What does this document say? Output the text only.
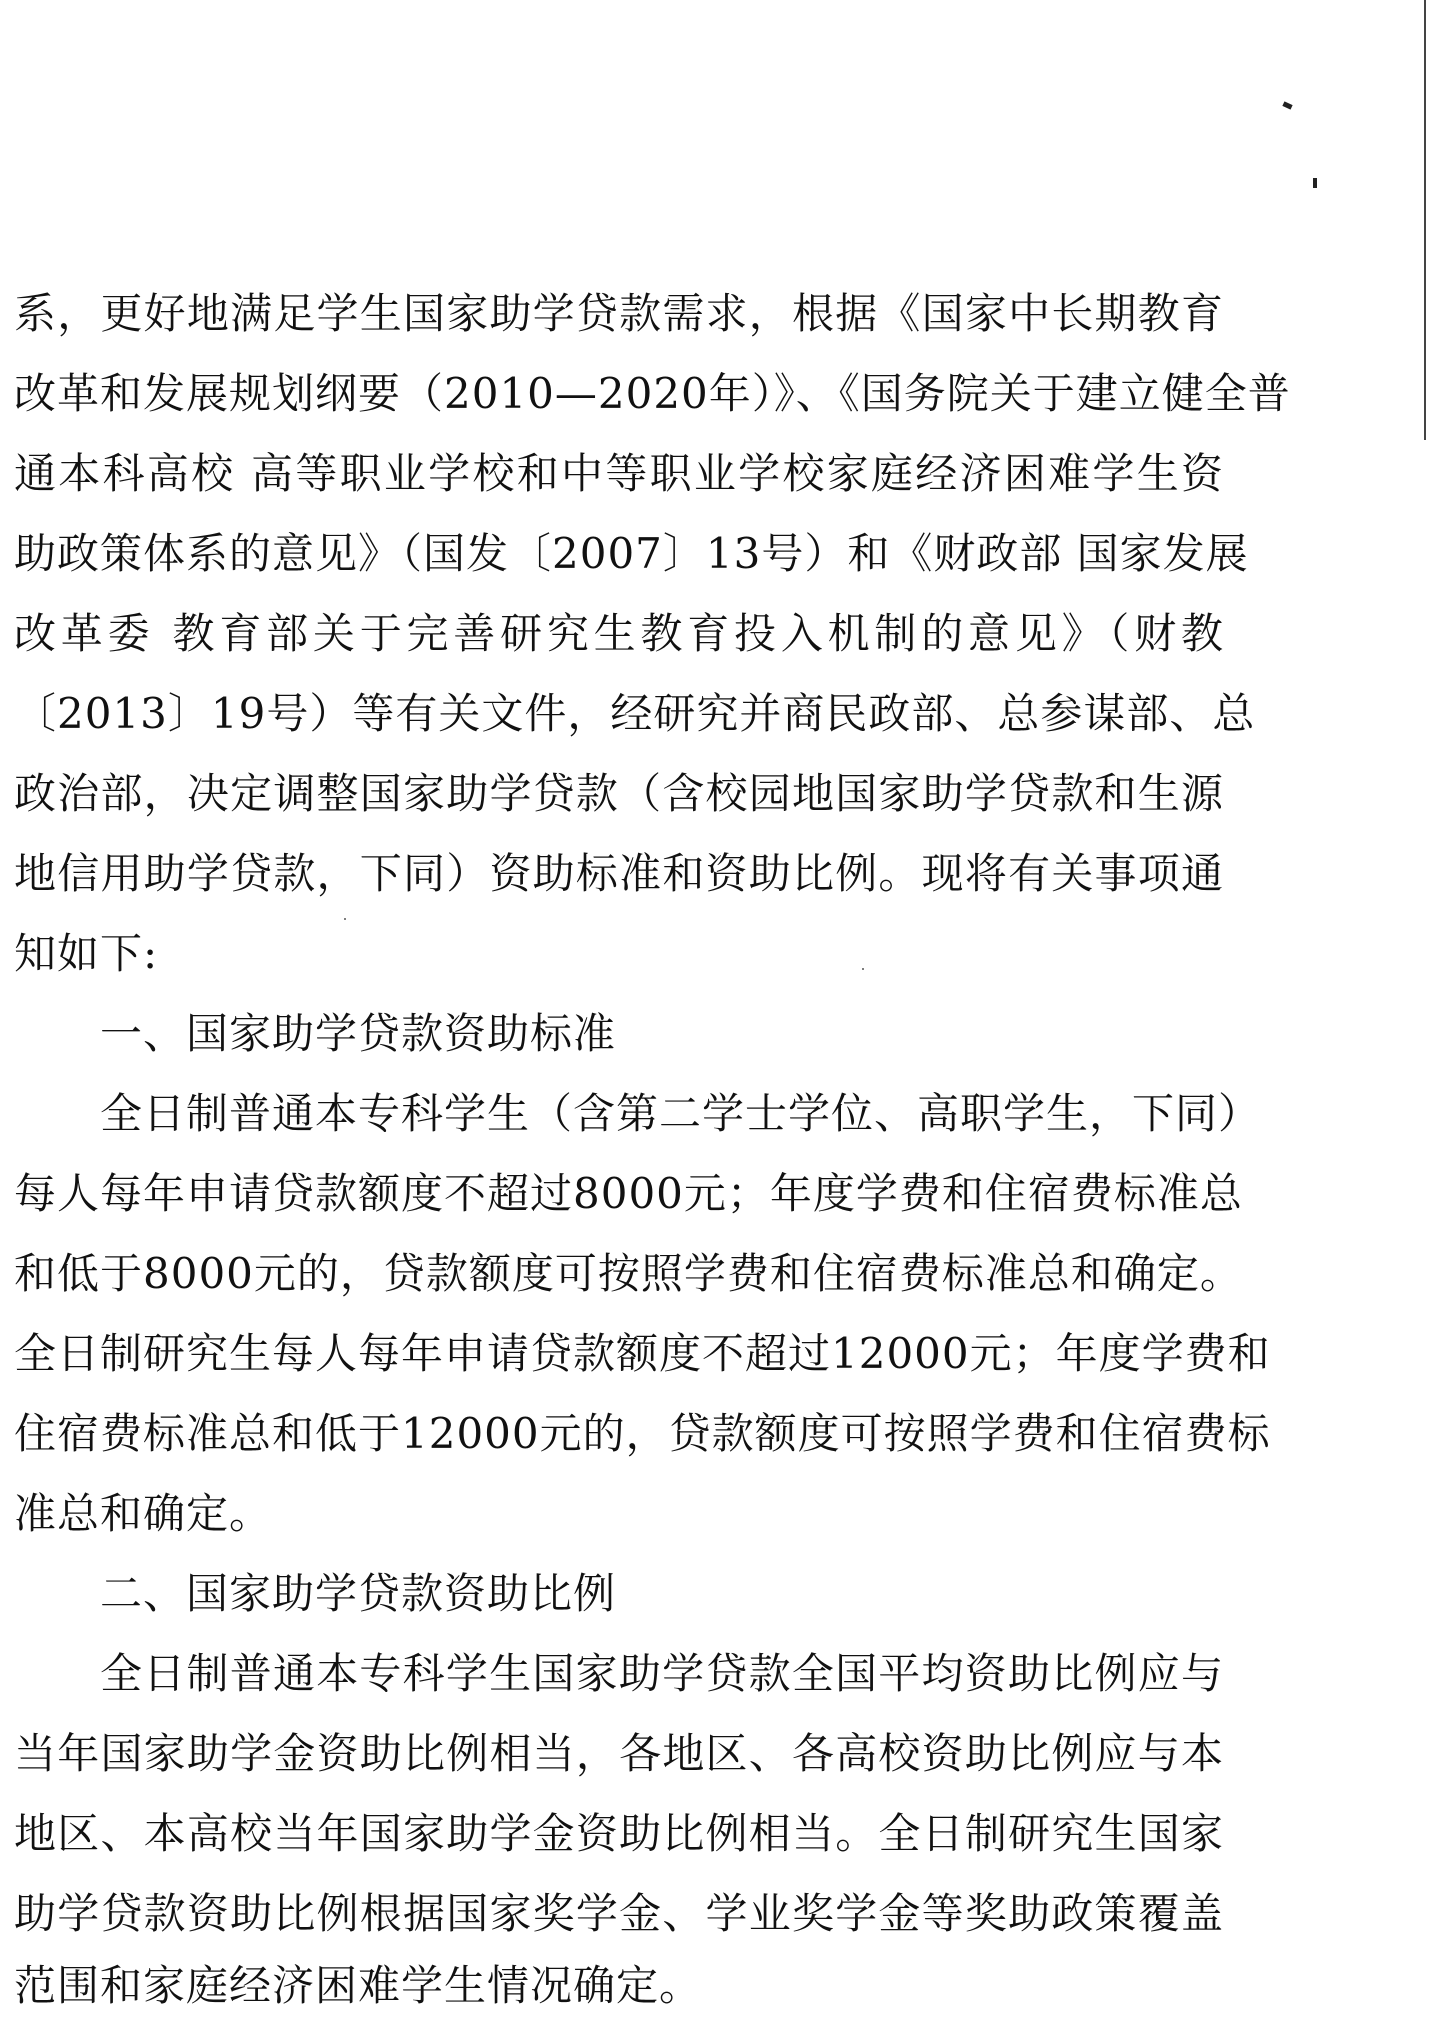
系，更好地满足学生国家助学贷款需求，根据《国家中长期教育
改革和发展规划纲要（2010—2020年）》、《国务院关于建立健全普
通本科高校 高等职业学校和中等职业学校家庭经济困难学生资
助政策体系的意见》（国发〔2007〕13号）和《财政部 国家发展
改革委 教育部关于完善研究生教育投入机制的意见》（财教
〔2013〕19号）等有关文件，经研究并商民政部、总参谋部、总
政治部，决定调整国家助学贷款（含校园地国家助学贷款和生源
地信用助学贷款，下同）资助标准和资助比例。现将有关事项通
知如下:
一、国家助学贷款资助标准
全日制普通本专科学生（含第二学士学位、高职学生，下同）
每人每年申请贷款额度不超过8000元；年度学费和住宿费标准总
和低于8000元的，贷款额度可按照学费和住宿费标准总和确定。
全日制研究生每人每年申请贷款额度不超过12000元；年度学费和
住宿费标准总和低于12000元的，贷款额度可按照学费和住宿费标
准总和确定。
二、国家助学贷款资助比例
全日制普通本专科学生国家助学贷款全国平均资助比例应与
当年国家助学金资助比例相当，各地区、各高校资助比例应与本
地区、本高校当年国家助学金资助比例相当。全日制研究生国家
助学贷款资助比例根据国家奖学金、学业奖学金等奖助政策覆盖
范围和家庭经济困难学生情况确定。
